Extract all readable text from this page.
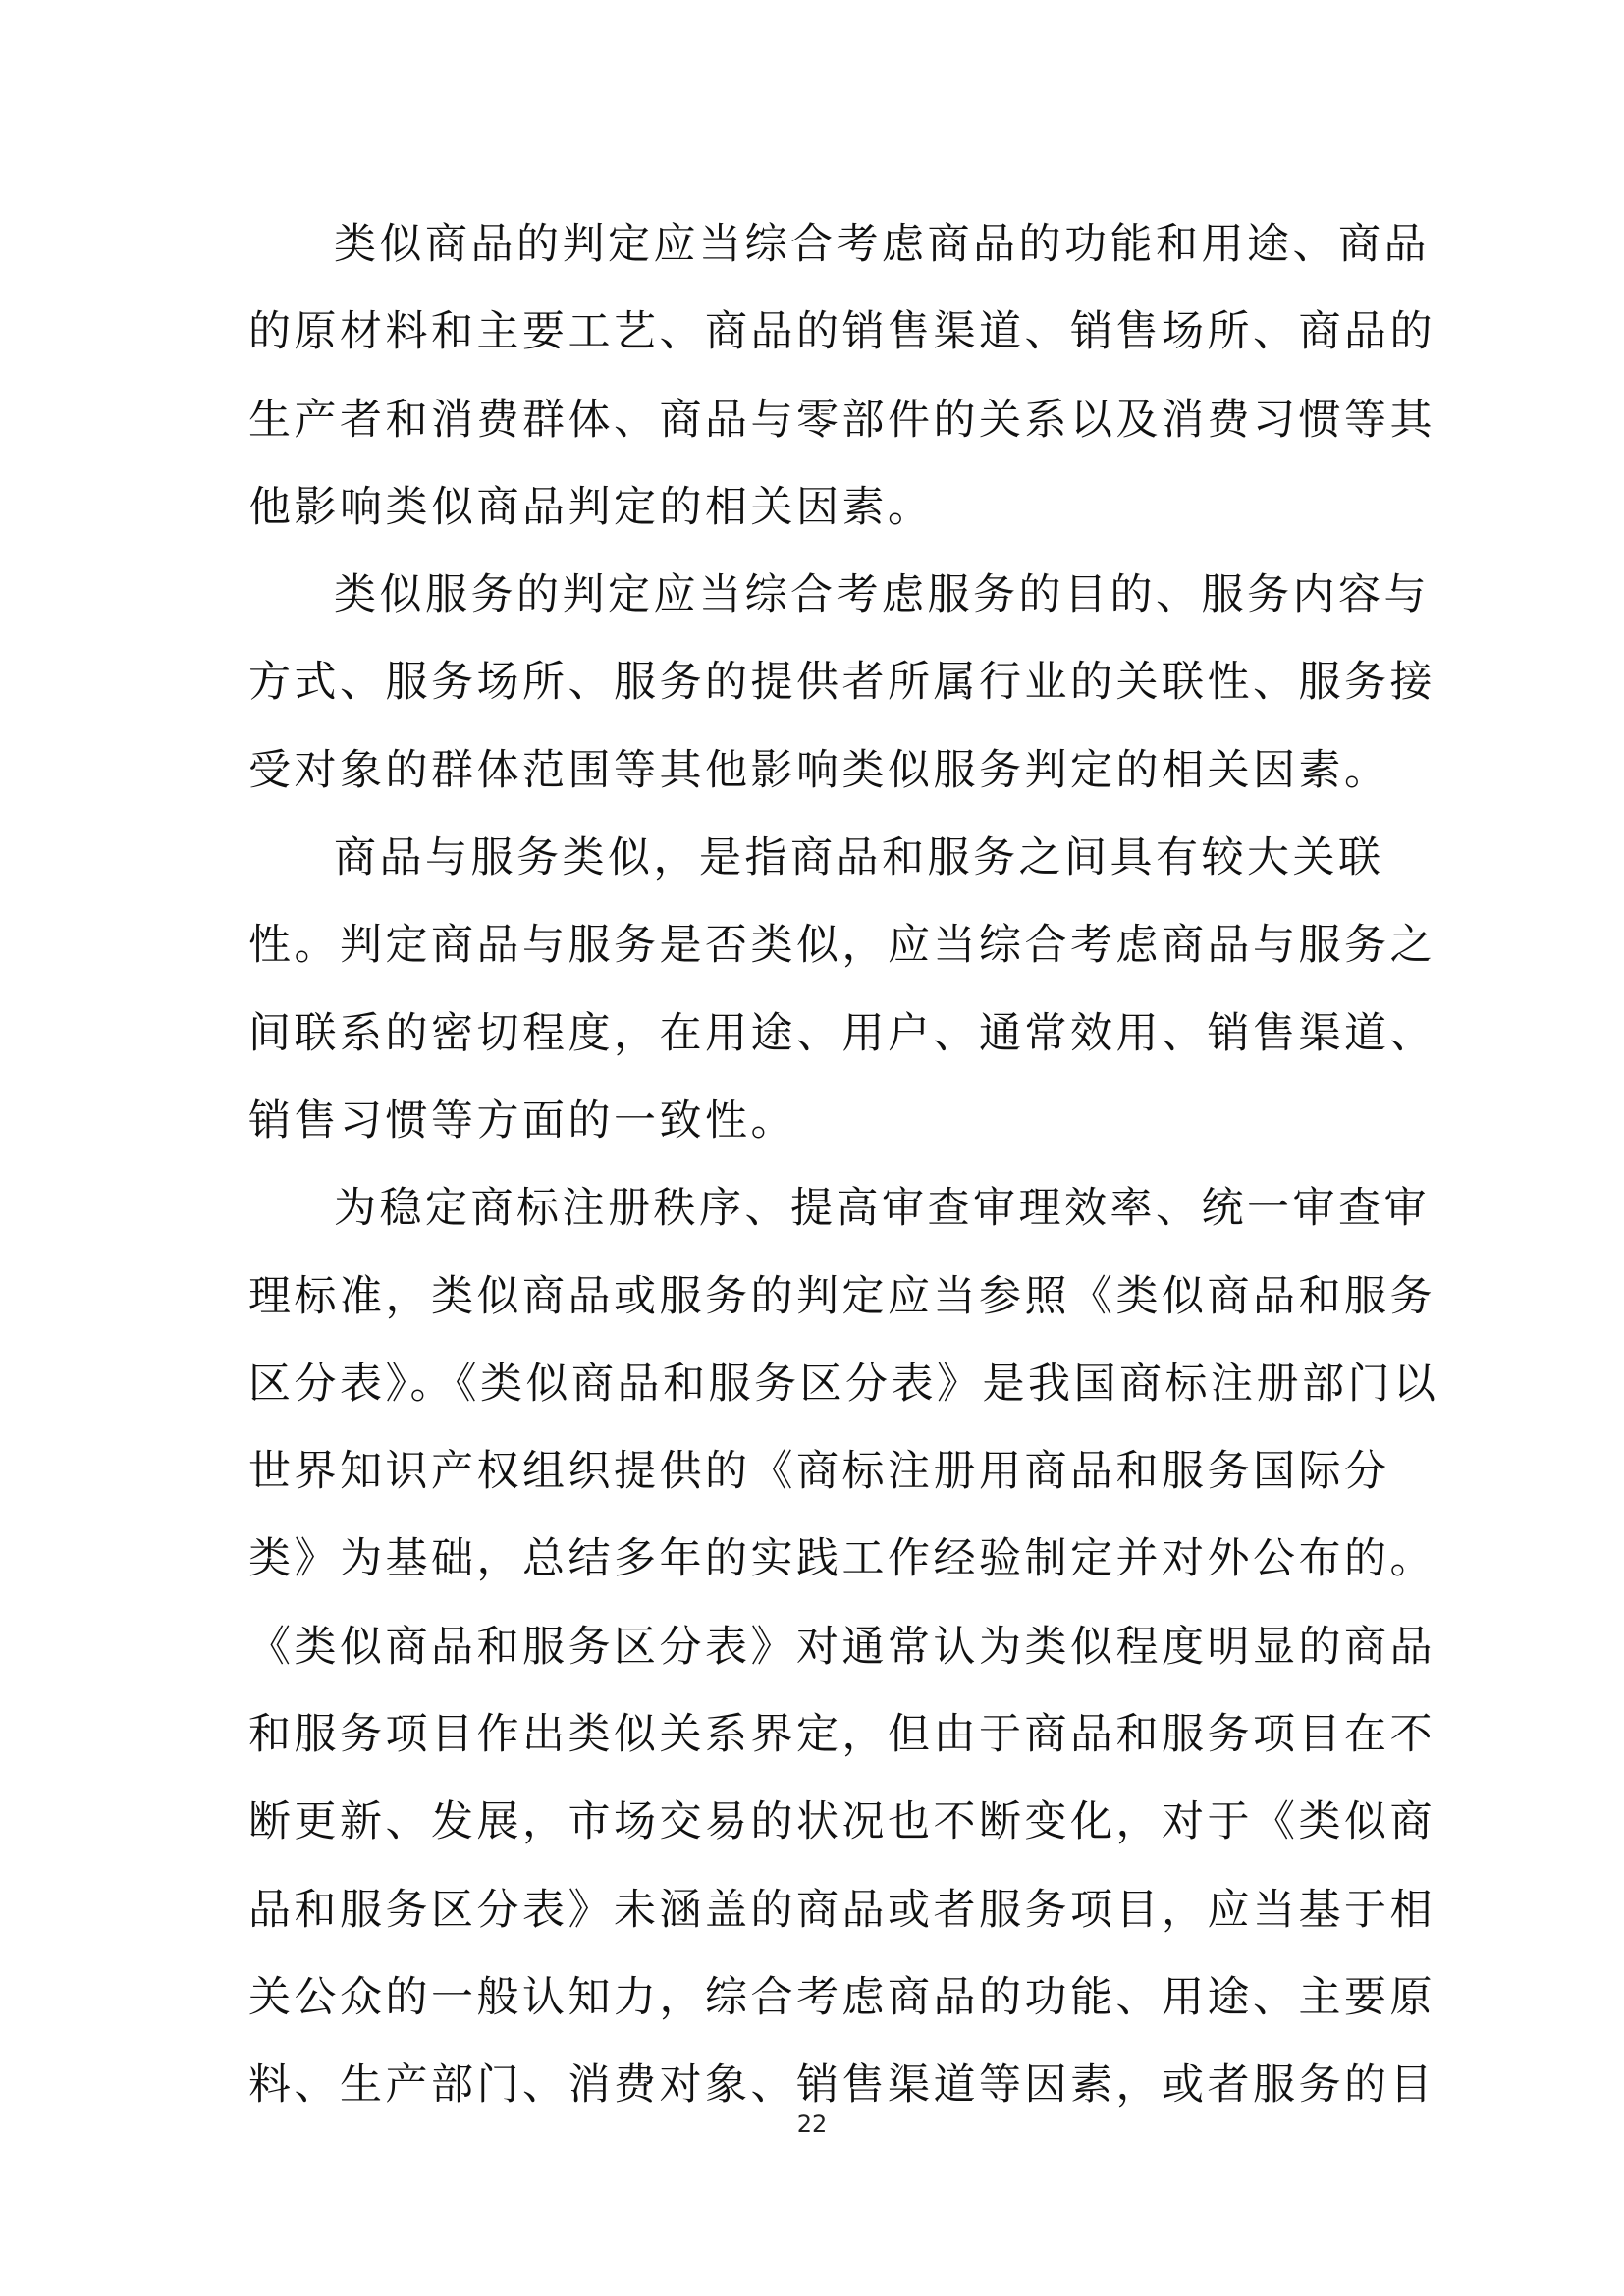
类似商品的判定应当综合考虑商品的功能和用途、商品
的原材料和主要工艺、商品的销售渠道、销售场所、商品的
生产者和消费群体、商品与零部件的关系以及消费习惯等其
他影响类似商品判定的相关因素。
类似服务的判定应当综合考虑服务的目的、服务内容与
方式、服务场所、服务的提供者所属行业的关联性、服务接
受对象的群体范围等其他影响类似服务判定的相关因素。
商品与服务类似，是指商品和服务之间具有较大关联
性。判定商品与服务是否类似，应当综合考虑商品与服务之
间联系的密切程度，在用途、用户、通常效用、销售渠道、
销售习惯等方面的一致性。
为稳定商标注册秩序、提高审查审理效率、统一审查审
理标准，类似商品或服务的判定应当参照《类似商品和服务
区分表》。《类似商品和服务区分表》是我国商标注册部门以
世界知识产权组织提供的《商标注册用商品和服务国际分
类》为基础，总结多年的实践工作经验制定并对外公布的。
《类似商品和服务区分表》对通常认为类似程度明显的商品
和服务项目作出类似关系界定，但由于商品和服务项目在不
断更新、发展，市场交易的状况也不断变化，对于《类似商
品和服务区分表》未涵盖的商品或者服务项目，应当基于相
关公众的一般认知力，综合考虑商品的功能、用途、主要原
料、生产部门、消费对象、销售渠道等因素，或者服务的目
22
